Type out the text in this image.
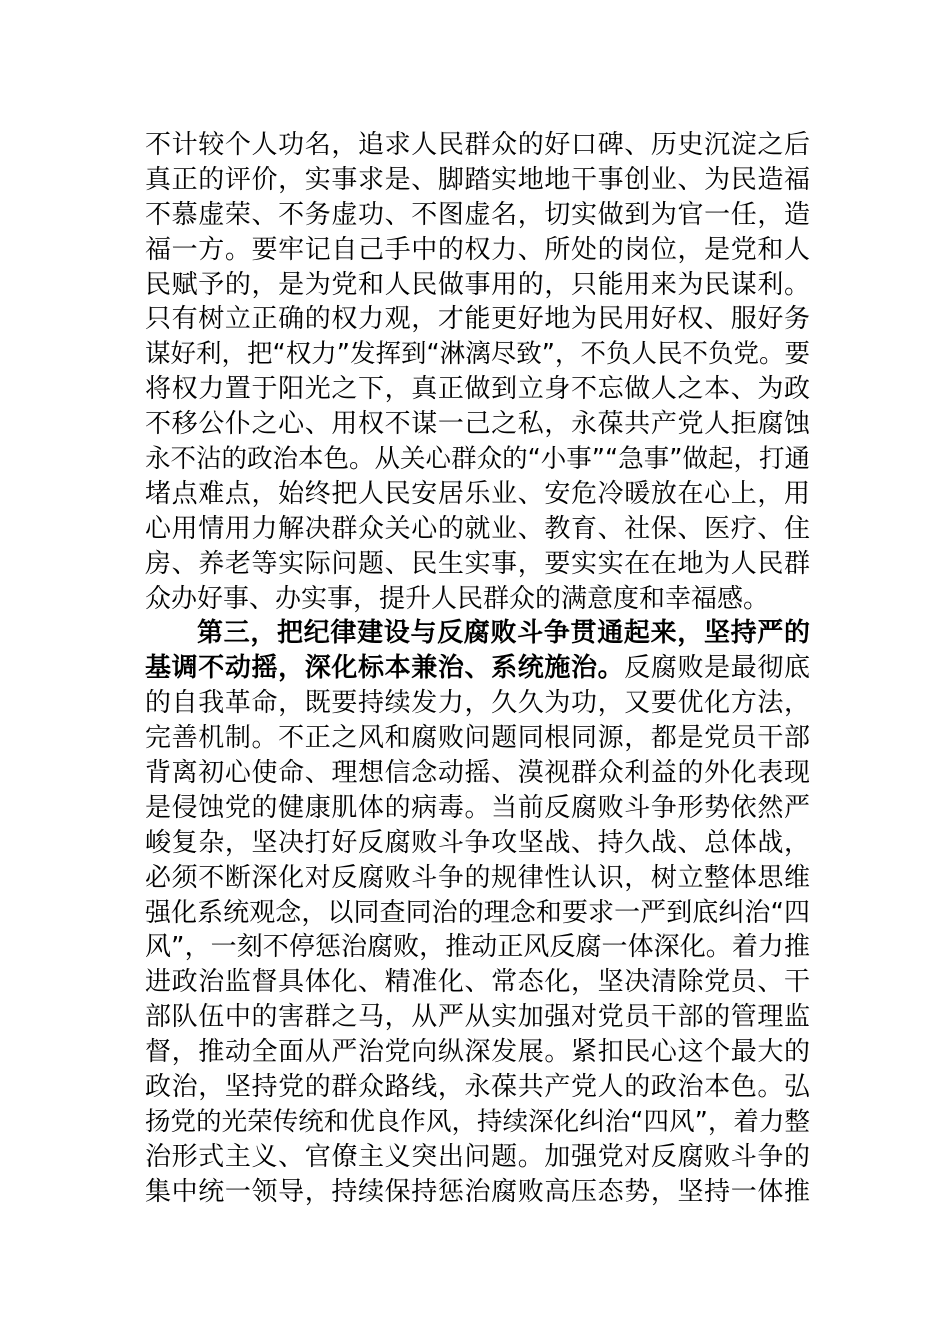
不计较个人功名，追求人民群众的好口碑、历史沉淀之后
真正的评价，实事求是、脚踏实地地干事创业、为民造福
不慕虚荣、不务虚功、不图虚名，切实做到为官一任，造
福一方。要牢记自己手中的权力、所处的岗位，是党和人
民赋予的，是为党和人民做事用的，只能用来为民谋利。
只有树立正确的权力观，才能更好地为民用好权、服好务
谋好利，把“权力”发挥到“淋漓尽致”，不负人民不负党。要
将权力置于阳光之下，真正做到立身不忘做人之本、为政
不移公仆之心、用权不谋一己之私，永葆共产党人拒腐蚀
永不沾的政治本色。从关心群众的“小事”“急事”做起，打通
堵点难点，始终把人民安居乐业、安危冷暖放在心上，用
心用情用力解决群众关心的就业、教育、社保、医疗、住
房、养老等实际问题、民生实事，要实实在在地为人民群
众办好事、办实事，提升人民群众的满意度和幸福感。
第三，把纪律建设与反腐败斗争贯通起来，坚持严的
基调不动摇，深化标本兼治、系统施治。反腐败是最彻底
的自我革命，既要持续发力，久久为功，又要优化方法，
完善机制。不正之风和腐败问题同根同源，都是党员干部
背离初心使命、理想信念动摇、漠视群众利益的外化表现
是侵蚀党的健康肌体的病毒。当前反腐败斗争形势依然严
峻复杂，坚决打好反腐败斗争攻坚战、持久战、总体战，
必须不断深化对反腐败斗争的规律性认识，树立整体思维
强化系统观念，以同查同治的理念和要求一严到底纠治“四
风”，一刻不停惩治腐败，推动正风反腐一体深化。着力推
进政治监督具体化、精准化、常态化，坚决清除党员、干
部队伍中的害群之马，从严从实加强对党员干部的管理监
督，推动全面从严治党向纵深发展。紧扣民心这个最大的
政治，坚持党的群众路线，永葆共产党人的政治本色。弘
扬党的光荣传统和优良作风，持续深化纠治“四风”，着力整
治形式主义、官僚主义突出问题。加强党对反腐败斗争的
集中统一领导，持续保持惩治腐败高压态势，坚持一体推
